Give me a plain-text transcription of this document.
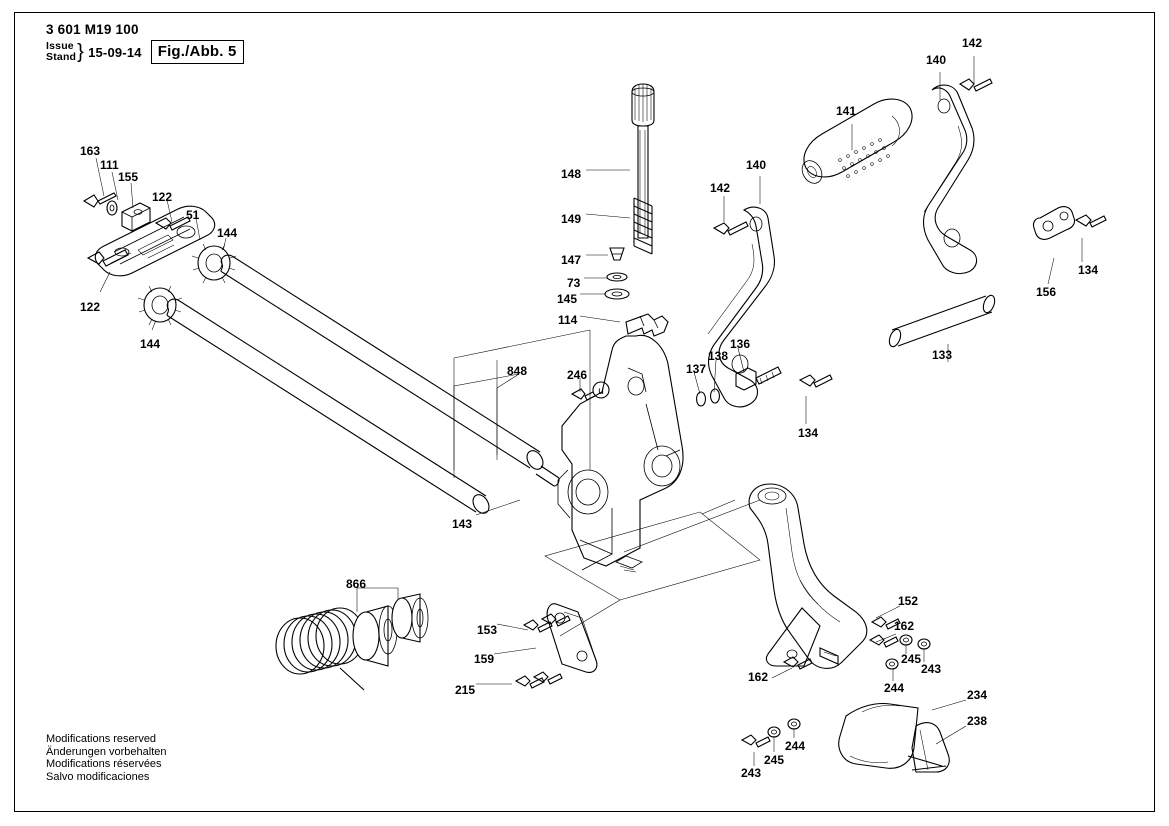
3 601 M19 100
Issue
Stand } 15-09-14	Fig./Abb. 5
Modifications reserved
Änderungen vorbehalten
Modifications réservées
Salvo modificaciones
u
163
111
155
122
51
144
122
144
848	246
143
866
153
159
215
148
149
147
73
145
114
137
138
136
134
142
140
141
140
142
134
156
133
152
162
243
245
244
162
234
238
244
245
243
